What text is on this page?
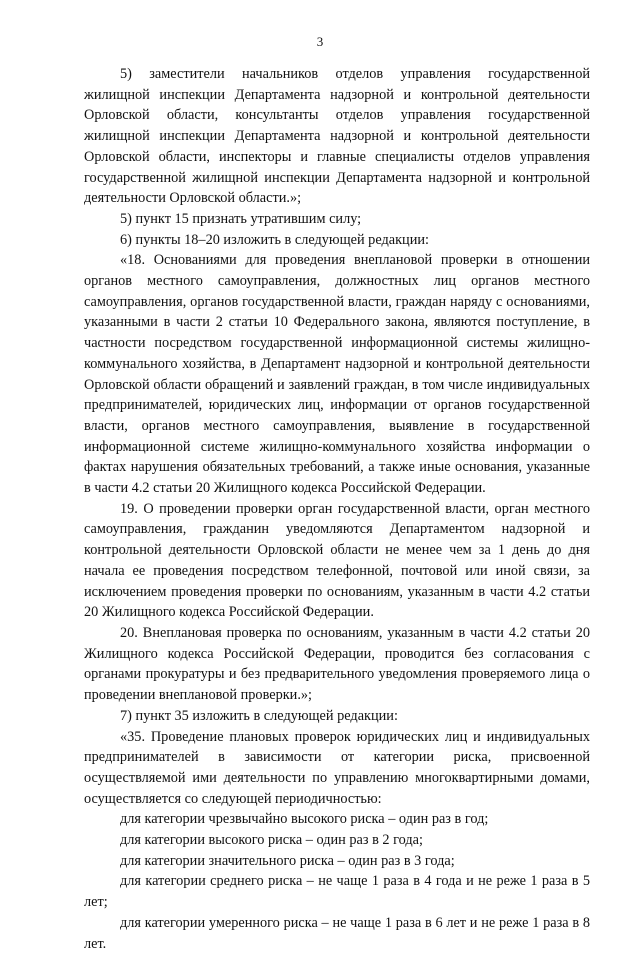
3

5) заместители начальников отделов управления государственной жилищной инспекции Департамента надзорной и контрольной деятельности Орловской области, консультанты отделов управления государственной жилищной инспекции Департамента надзорной и контрольной деятельности Орловской области, инспекторы и главные специалисты отделов управления государственной жилищной инспекции Департамента надзорной и контрольной деятельности Орловской области.»;

5) пункт 15 признать утратившим силу;

6) пункты 18–20 изложить в следующей редакции:

«18. Основаниями для проведения внеплановой проверки в отношении органов местного самоуправления, должностных лиц органов местного самоуправления, органов государственной власти, граждан наряду с основаниями, указанными в части 2 статьи 10 Федерального закона, являются поступление, в частности посредством государственной информационной системы жилищно-коммунального хозяйства, в Департамент надзорной и контрольной деятельности Орловской области обращений и заявлений граждан, в том числе индивидуальных предпринимателей, юридических лиц, информации от органов государственной власти, органов местного самоуправления, выявление в государственной информационной системе жилищно-коммунального хозяйства информации о фактах нарушения обязательных требований, а также иные основания, указанные в части 4.2 статьи 20 Жилищного кодекса Российской Федерации.

19. О проведении проверки орган государственной власти, орган местного самоуправления, гражданин уведомляются Департаментом надзорной и контрольной деятельности Орловской области не менее чем за 1 день до дня начала ее проведения посредством телефонной, почтовой или иной связи, за исключением проведения проверки по основаниям, указанным в части 4.2 статьи 20 Жилищного кодекса Российской Федерации.

20. Внеплановая проверка по основаниям, указанным в части 4.2 статьи 20 Жилищного кодекса Российской Федерации, проводится без согласования с органами прокуратуры и без предварительного уведомления проверяемого лица о проведении внеплановой проверки.»;

7) пункт 35 изложить в следующей редакции:

«35. Проведение плановых проверок юридических лиц и индивидуальных предпринимателей в зависимости от категории риска, присвоенной осуществляемой ими деятельности по управлению многоквартирными домами, осуществляется со следующей периодичностью:

для категории чрезвычайно высокого риска – один раз в год;

для категории высокого риска – один раз в 2 года;

для категории значительного риска – один раз в 3 года;

для категории среднего риска – не чаще 1 раза в 4 года и не реже 1 раза в 5 лет;

для категории умеренного риска – не чаще 1 раза в 6 лет и не реже 1 раза в 8 лет.
